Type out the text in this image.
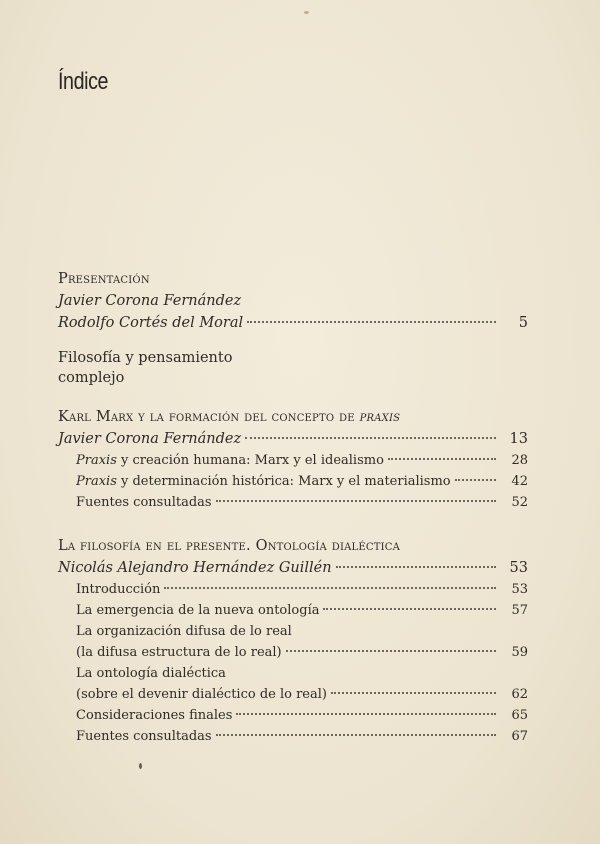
Índice
Presentación
Javier Corona Fernández
Rodolfo Cortés del Moral	5
Filosofía y pensamiento
complejo
Karl Marx y la formación del concepto de praxis
Javier Corona Fernández	13
Praxis y creación humana: Marx y el idealismo	28
Praxis y determinación histórica: Marx y el materialismo	42
Fuentes consultadas	52
La filosofía en el presente. Ontología dialéctica
Nicolás Alejandro Hernández Guillén	53
Introducción	53
La emergencia de la nueva ontología	57
La organización difusa de lo real
(la difusa estructura de lo real)	59
La ontología dialéctica
(sobre el devenir dialéctico de lo real)	62
Consideraciones finales	65
Fuentes consultadas	67
